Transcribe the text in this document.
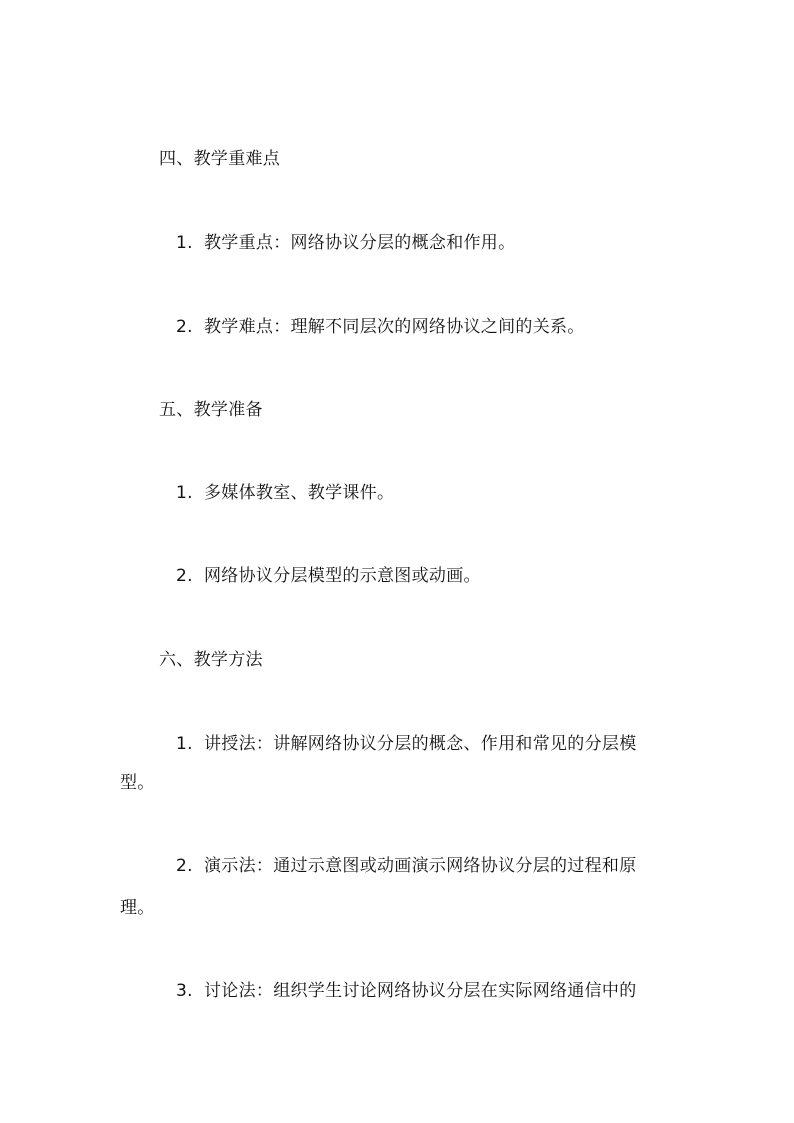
四、教学重难点
1. 教学重点：网络协议分层的概念和作用。
2. 教学难点：理解不同层次的网络协议之间的关系。
五、教学准备
1. 多媒体教室、教学课件。
2. 网络协议分层模型的示意图或动画。
六、教学方法
1. 讲授法：讲解网络协议分层的概念、作用和常见的分层模
型。
2. 演示法：通过示意图或动画演示网络协议分层的过程和原
理。
3. 讨论法：组织学生讨论网络协议分层在实际网络通信中的
